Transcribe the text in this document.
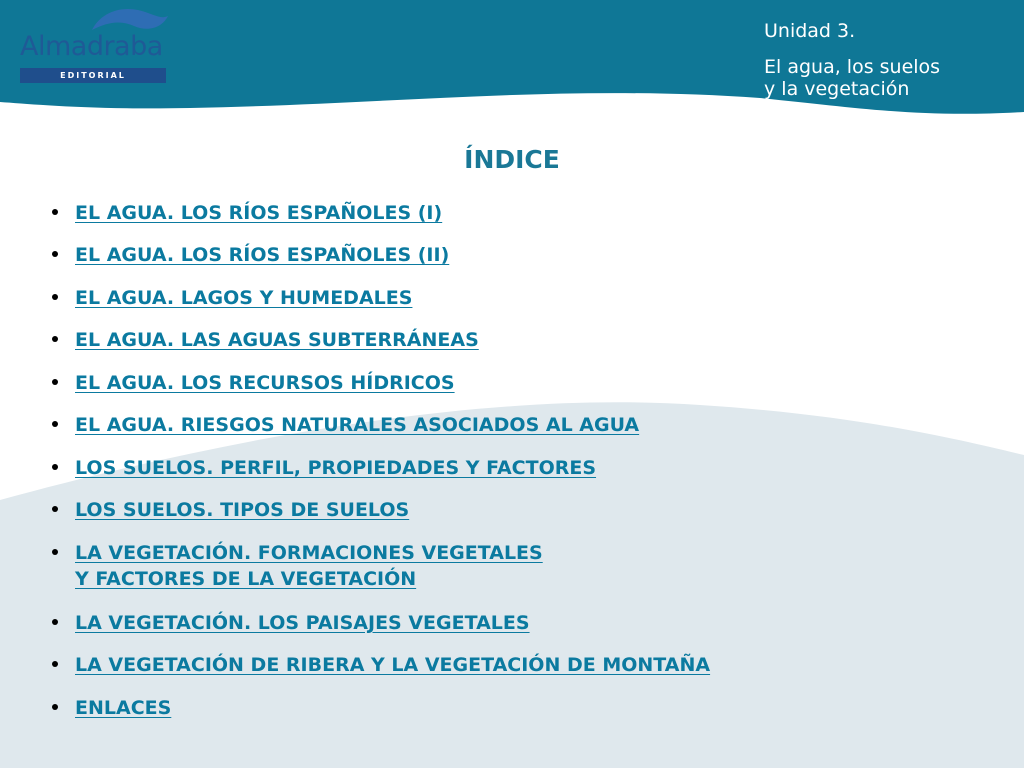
Almadraba
EDITORIAL
Unidad 3.
El agua, los suelos
y la vegetación
ÍNDICE
EL AGUA. LOS RÍOS ESPAÑOLES (I)
EL AGUA. LOS RÍOS ESPAÑOLES (II)
EL AGUA. LAGOS Y HUMEDALES
EL AGUA. LAS AGUAS SUBTERRÁNEAS
EL AGUA. LOS RECURSOS HÍDRICOS
EL AGUA. RIESGOS NATURALES ASOCIADOS AL AGUA
LOS SUELOS. PERFIL, PROPIEDADES Y FACTORES
LOS SUELOS. TIPOS DE SUELOS
LA VEGETACIÓN. FORMACIONES VEGETALES
Y FACTORES DE LA VEGETACIÓN
LA VEGETACIÓN. LOS PAISAJES VEGETALES
LA VEGETACIÓN DE RIBERA Y LA VEGETACIÓN DE MONTAÑA
ENLACES
